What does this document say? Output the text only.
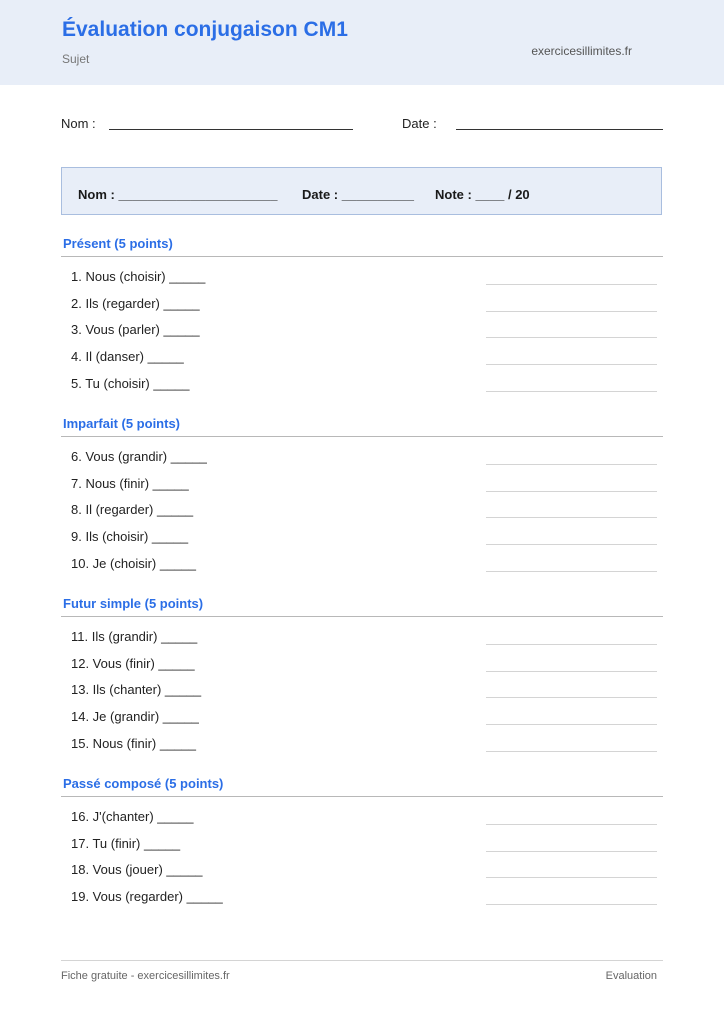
Évaluation conjugaison CM1
Sujet
exercicesillimites.fr
Nom :	Date :
Nom : ______________________ Date : __________ Note : ____ / 20
Présent (5 points)
1. Nous (choisir) _____
2. Ils (regarder) _____
3. Vous (parler) _____
4. Il (danser) _____
5. Tu (choisir) _____
Imparfait (5 points)
6. Vous (grandir) _____
7. Nous (finir) _____
8. Il (regarder) _____
9. Ils (choisir) _____
10. Je (choisir) _____
Futur simple (5 points)
11. Ils (grandir) _____
12. Vous (finir) _____
13. Ils (chanter) _____
14. Je (grandir) _____
15. Nous (finir) _____
Passé composé (5 points)
16. J'(chanter) _____
17. Tu (finir) _____
18. Vous (jouer) _____
19. Vous (regarder) _____
Fiche gratuite - exercicesillimites.fr	Evaluation
